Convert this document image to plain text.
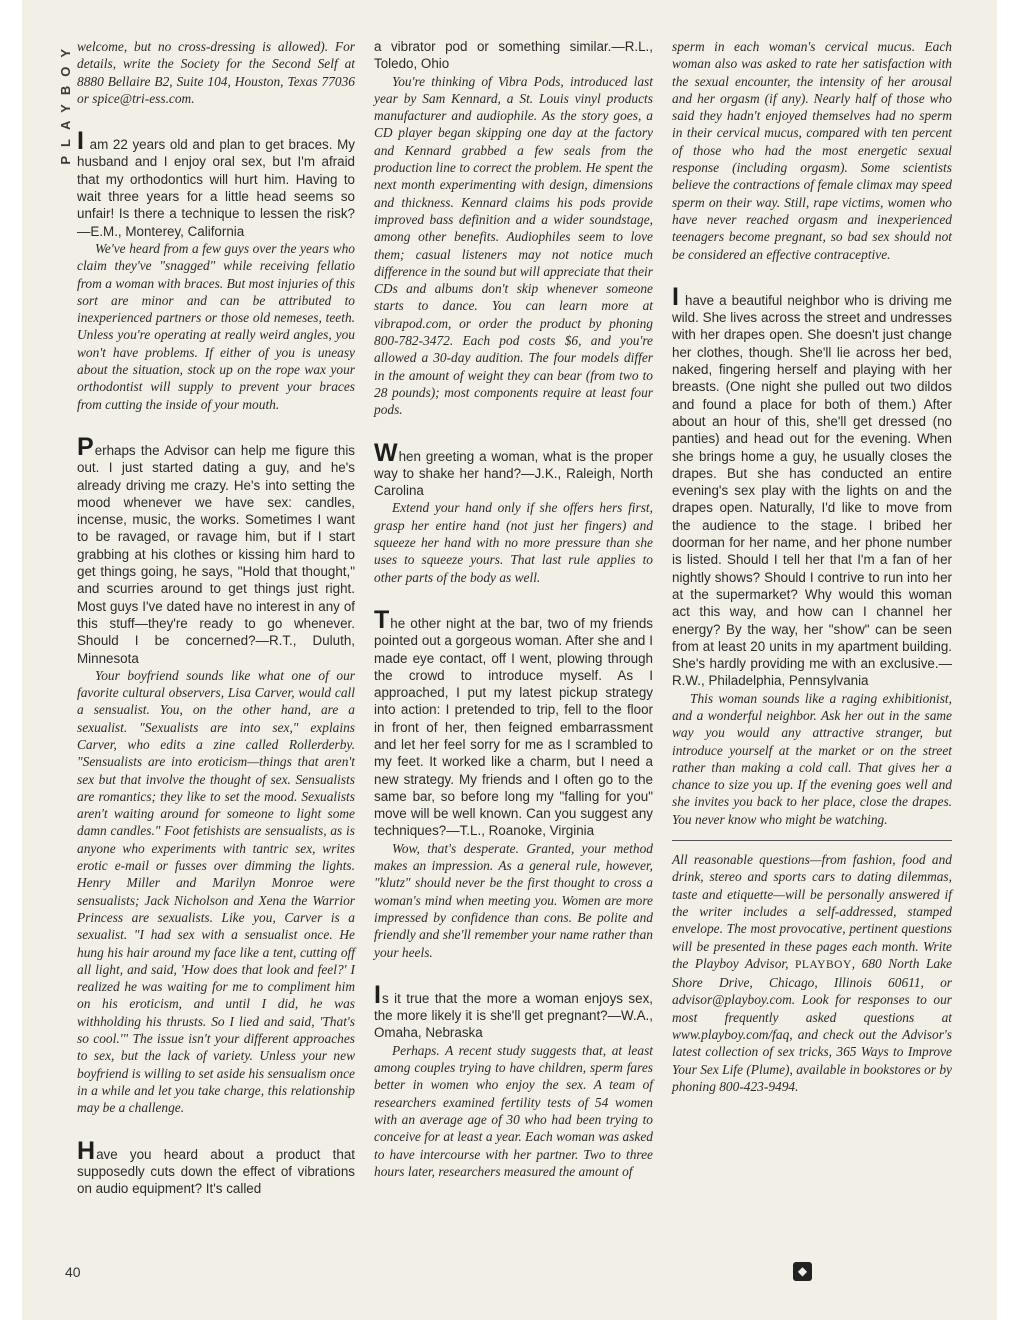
PLAYBOY
40

welcome, but no cross-dressing is allowed). For details, write the Society for the Second Self at 8880 Bellaire B2, Suite 104, Houston, Texas 77036 or spice@tri-ess.com.

I am 22 years old and plan to get braces. My husband and I enjoy oral sex, but I'm afraid that my orthodontics will hurt him. Having to wait three years for a little head seems so unfair! Is there a technique to lessen the risk?—E.M., Monterey, California

We've heard from a few guys over the years who claim they've "snagged" while receiving fellatio from a woman with braces. But most injuries of this sort are minor and can be attributed to inexperienced partners or those old nemeses, teeth. Unless you're operating at really weird angles, you won't have problems. If either of you is uneasy about the situation, stock up on the rope wax your orthodontist will supply to prevent your braces from cutting the inside of your mouth.

Perhaps the Advisor can help me figure this out. I just started dating a guy, and he's already driving me crazy. He's into setting the mood whenever we have sex: candles, incense, music, the works. Sometimes I want to be ravaged, or ravage him, but if I start grabbing at his clothes or kissing him hard to get things going, he says, "Hold that thought," and scurries around to get things just right. Most guys I've dated have no interest in any of this stuff—they're ready to go whenever. Should I be concerned?—R.T., Duluth, Minnesota

Your boyfriend sounds like what one of our favorite cultural observers, Lisa Carver, would call a sensualist. You, on the other hand, are a sexualist. "Sexualists are into sex," explains Carver, who edits a zine called Rollerderby. "Sensualists are into eroticism—things that aren't sex but that involve the thought of sex. Sensualists are romantics; they like to set the mood. Sexualists aren't waiting around for someone to light some damn candles." Foot fetishists are sensualists, as is anyone who experiments with tantric sex, writes erotic e-mail or fusses over dimming the lights. Henry Miller and Marilyn Monroe were sensualists; Jack Nicholson and Xena the Warrior Princess are sexualists. Like you, Carver is a sexualist. "I had sex with a sensualist once. He hung his hair around my face like a tent, cutting off all light, and said, 'How does that look and feel?' I realized he was waiting for me to compliment him on his eroticism, and until I did, he was withholding his thrusts. So I lied and said, 'That's so cool.'" The issue isn't your different approaches to sex, but the lack of variety. Unless your new boyfriend is willing to set aside his sensualism once in a while and let you take charge, this relationship may be a challenge.

Have you heard about a product that supposedly cuts down the effect of vibrations on audio equipment? It's called

a vibrator pod or something similar.—R.L., Toledo, Ohio

You're thinking of Vibra Pods, introduced last year by Sam Kennard, a St. Louis vinyl products manufacturer and audiophile. As the story goes, a CD player began skipping one day at the factory and Kennard grabbed a few seals from the production line to correct the problem. He spent the next month experimenting with design, dimensions and thickness. Kennard claims his pods provide improved bass definition and a wider soundstage, among other benefits. Audiophiles seem to love them; casual listeners may not notice much difference in the sound but will appreciate that their CDs and albums don't skip whenever someone starts to dance. You can learn more at vibrapod.com, or order the product by phoning 800-782-3472. Each pod costs $6, and you're allowed a 30-day audition. The four models differ in the amount of weight they can bear (from two to 28 pounds); most components require at least four pods.

When greeting a woman, what is the proper way to shake her hand?—J.K., Raleigh, North Carolina

Extend your hand only if she offers hers first, grasp her entire hand (not just her fingers) and squeeze her hand with no more pressure than she uses to squeeze yours. That last rule applies to other parts of the body as well.

The other night at the bar, two of my friends pointed out a gorgeous woman. After she and I made eye contact, off I went, plowing through the crowd to introduce myself. As I approached, I put my latest pickup strategy into action: I pretended to trip, fell to the floor in front of her, then feigned embarrassment and let her feel sorry for me as I scrambled to my feet. It worked like a charm, but I need a new strategy. My friends and I often go to the same bar, so before long my "falling for you" move will be well known. Can you suggest any techniques?—T.L., Roanoke, Virginia

Wow, that's desperate. Granted, your method makes an impression. As a general rule, however, "klutz" should never be the first thought to cross a woman's mind when meeting you. Women are more impressed by confidence than cons. Be polite and friendly and she'll remember your name rather than your heels.

Is it true that the more a woman enjoys sex, the more likely it is she'll get pregnant?—W.A., Omaha, Nebraska

Perhaps. A recent study suggests that, at least among couples trying to have children, sperm fares better in women who enjoy the sex. A team of researchers examined fertility tests of 54 women with an average age of 30 who had been trying to conceive for at least a year. Each woman was asked to have intercourse with her partner. Two to three hours later, researchers measured the amount of

sperm in each woman's cervical mucus. Each woman also was asked to rate her satisfaction with the sexual encounter, the intensity of her arousal and her orgasm (if any). Nearly half of those who said they hadn't enjoyed themselves had no sperm in their cervical mucus, compared with ten percent of those who had the most energetic sexual response (including orgasm). Some scientists believe the contractions of female climax may speed sperm on their way. Still, rape victims, women who have never reached orgasm and inexperienced teenagers become pregnant, so bad sex should not be considered an effective contraceptive.

I have a beautiful neighbor who is driving me wild. She lives across the street and undresses with her drapes open. She doesn't just change her clothes, though. She'll lie across her bed, naked, fingering herself and playing with her breasts. (One night she pulled out two dildos and found a place for both of them.) After about an hour of this, she'll get dressed (no panties) and head out for the evening. When she brings home a guy, he usually closes the drapes. But she has conducted an entire evening's sex play with the lights on and the drapes open. Naturally, I'd like to move from the audience to the stage. I bribed her doorman for her name, and her phone number is listed. Should I tell her that I'm a fan of her nightly shows? Should I contrive to run into her at the supermarket? Why would this woman act this way, and how can I channel her energy? By the way, her "show" can be seen from at least 20 units in my apartment building. She's hardly providing me with an exclusive.—R.W., Philadelphia, Pennsylvania

This woman sounds like a raging exhibitionist, and a wonderful neighbor. Ask her out in the same way you would any attractive stranger, but introduce yourself at the market or on the street rather than making a cold call. That gives her a chance to size you up. If the evening goes well and she invites you back to her place, close the drapes. You never know who might be watching.

All reasonable questions—from fashion, food and drink, stereo and sports cars to dating dilemmas, taste and etiquette—will be personally answered if the writer includes a self-addressed, stamped envelope. The most provocative, pertinent questions will be presented in these pages each month. Write the Playboy Advisor, PLAYBOY, 680 North Lake Shore Drive, Chicago, Illinois 60611, or advisor@playboy.com. Look for responses to our most frequently asked questions at www.playboy.com/faq, and check out the Advisor's latest collection of sex tricks, 365 Ways to Improve Your Sex Life (Plume), available in bookstores or by phoning 800-423-9494.

◆
